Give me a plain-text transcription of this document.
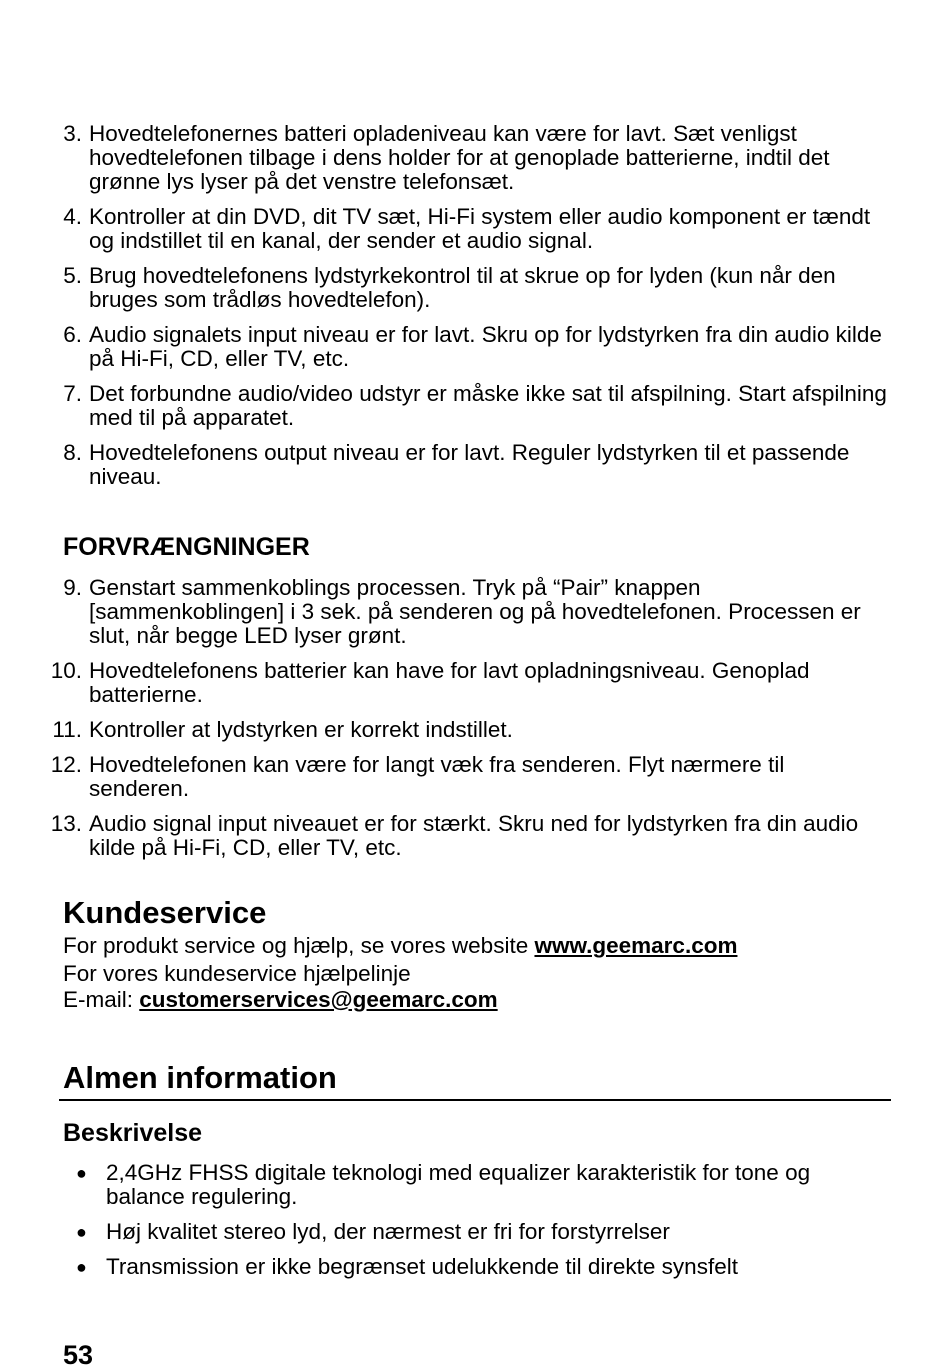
3. Hovedtelefonernes batteri opladeniveau kan være for lavt. Sæt venligst hovedtelefonen tilbage i dens holder for at genoplade batterierne, indtil det grønne lys lyser på det venstre telefonsæt.
4. Kontroller at din DVD, dit TV sæt, Hi-Fi system eller audio komponent er tændt og indstillet til en kanal, der sender et audio signal.
5. Brug hovedtelefonens lydstyrkekontrol til at skrue op for lyden (kun når den bruges som trådløs hovedtelefon).
6. Audio signalets input niveau er for lavt. Skru op for lydstyrken fra din audio kilde på Hi-Fi, CD, eller TV, etc.
7. Det forbundne audio/video udstyr er måske ikke sat til afspilning. Start afspilning med til på apparatet.
8. Hovedtelefonens output niveau er for lavt. Reguler lydstyrken til et passende niveau.
FORVRÆNGNINGER
9. Genstart sammenkoblings processen. Tryk på “Pair” knappen [sammenkoblingen] i 3 sek. på senderen og på hovedtelefonen. Processen er slut, når begge LED lyser grønt.
10. Hovedtelefonens batterier kan have for lavt opladningsniveau. Genoplad batterierne.
11. Kontroller at lydstyrken er korrekt indstillet.
12. Hovedtelefonen kan være for langt væk fra senderen. Flyt nærmere til senderen.
13. Audio signal input niveauet er for stærkt. Skru ned for lydstyrken fra din audio kilde på Hi-Fi, CD, eller TV, etc.
Kundeservice
For produkt service og hjælp, se vores website www.geemarc.com
For vores kundeservice hjælpelinje
E-mail: customerservices@geemarc.com
Almen information
Beskrivelse
● 2,4GHz FHSS digitale teknologi med equalizer karakteristik for tone og balance regulering.
● Høj kvalitet stereo lyd, der nærmest er fri for forstyrrelser
● Transmission er ikke begrænset udelukkende til direkte synsfelt
53
